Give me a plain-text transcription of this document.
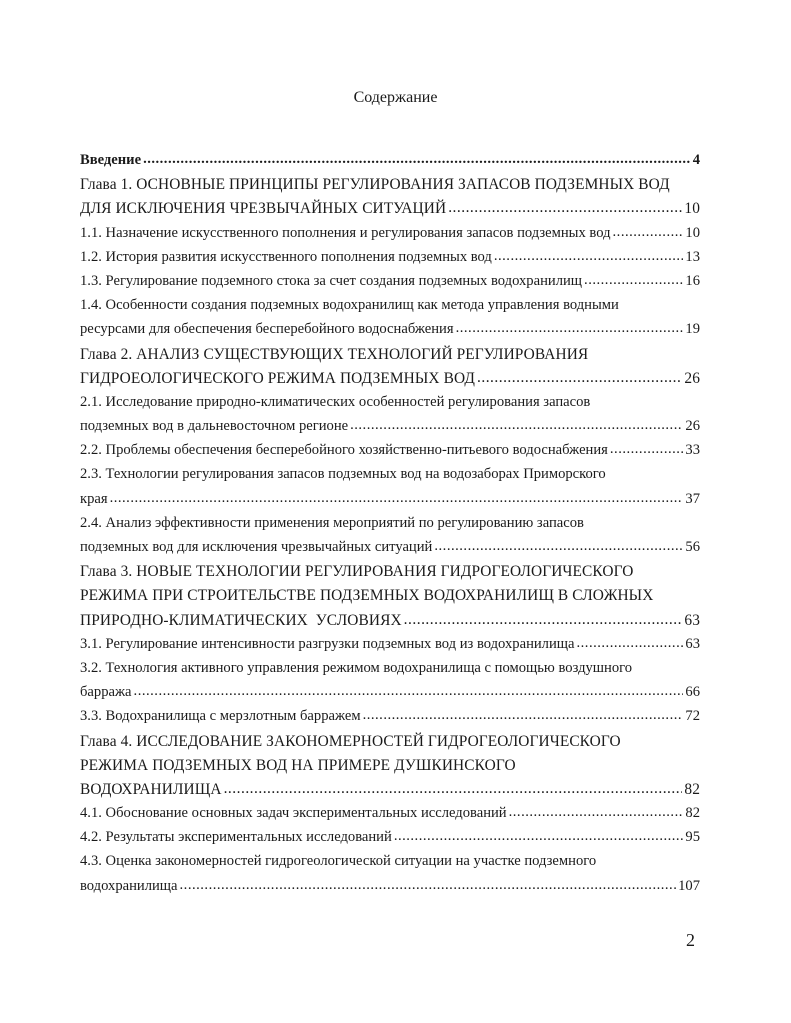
Содержание
Введение .....	4
Глава 1. ОСНОВНЫЕ ПРИНЦИПЫ РЕГУЛИРОВАНИЯ ЗАПАСОВ ПОДЗЕМНЫХ ВОД
ДЛЯ ИСКЛЮЧЕНИЯ ЧРЕЗВЫЧАЙНЫХ СИТУАЦИЙ .....	10
1.1. Назначение искусственного пополнения и регулирования запасов подземных вод .....	10
1.2. История развития искусственного пополнения подземных вод .....	13
1.3. Регулирование подземного стока за счет создания подземных водохранилищ .....	16
1.4. Особенности создания подземных водохранилищ как метода управления водными
ресурсами для обеспечения бесперебойного водоснабжения .....	19
Глава 2. АНАЛИЗ СУЩЕСТВУЮЩИХ ТЕХНОЛОГИЙ РЕГУЛИРОВАНИЯ
ГИДРОЕОЛОГИЧЕСКОГО РЕЖИМА ПОДЗЕМНЫХ ВОД .....	26
2.1. Исследование природно-климатических особенностей регулирования запасов
подземных вод в дальневосточном регионе .....	26
2.2. Проблемы обеспечения бесперебойного хозяйственно-питьевого водоснабжения .....	33
2.3. Технологии регулирования запасов подземных вод на водозаборах Приморского
края .....	37
2.4. Анализ эффективности применения мероприятий по регулированию запасов
подземных вод для исключения чрезвычайных ситуаций .....	56
Глава 3. НОВЫЕ ТЕХНОЛОГИИ РЕГУЛИРОВАНИЯ ГИДРОГЕОЛОГИЧЕСКОГО
РЕЖИМА ПРИ СТРОИТЕЛЬСТВЕ ПОДЗЕМНЫХ ВОДОХРАНИЛИЩ В СЛОЖНЫХ
ПРИРОДНО-КЛИМАТИЧЕСКИХ  УСЛОВИЯХ .....	63
3.1. Регулирование интенсивности разгрузки подземных вод из водохранилища .....	63
3.2. Технология активного управления режимом водохранилища с помощью воздушного
барража .....	66
3.3. Водохранилища с мерзлотным барражем .....	72
Глава 4. ИССЛЕДОВАНИЕ ЗАКОНОМЕРНОСТЕЙ ГИДРОГЕОЛОГИЧЕСКОГО
РЕЖИМА ПОДЗЕМНЫХ ВОД НА ПРИМЕРЕ ДУШКИНСКОГО
ВОДОХРАНИЛИЩА .....	82
4.1. Обоснование основных задач экспериментальных исследований .....	82
4.2. Результаты экспериментальных исследований .....	95
4.3. Оценка закономерностей гидрогеологической ситуации на участке подземного
водохранилища .....	107
2
